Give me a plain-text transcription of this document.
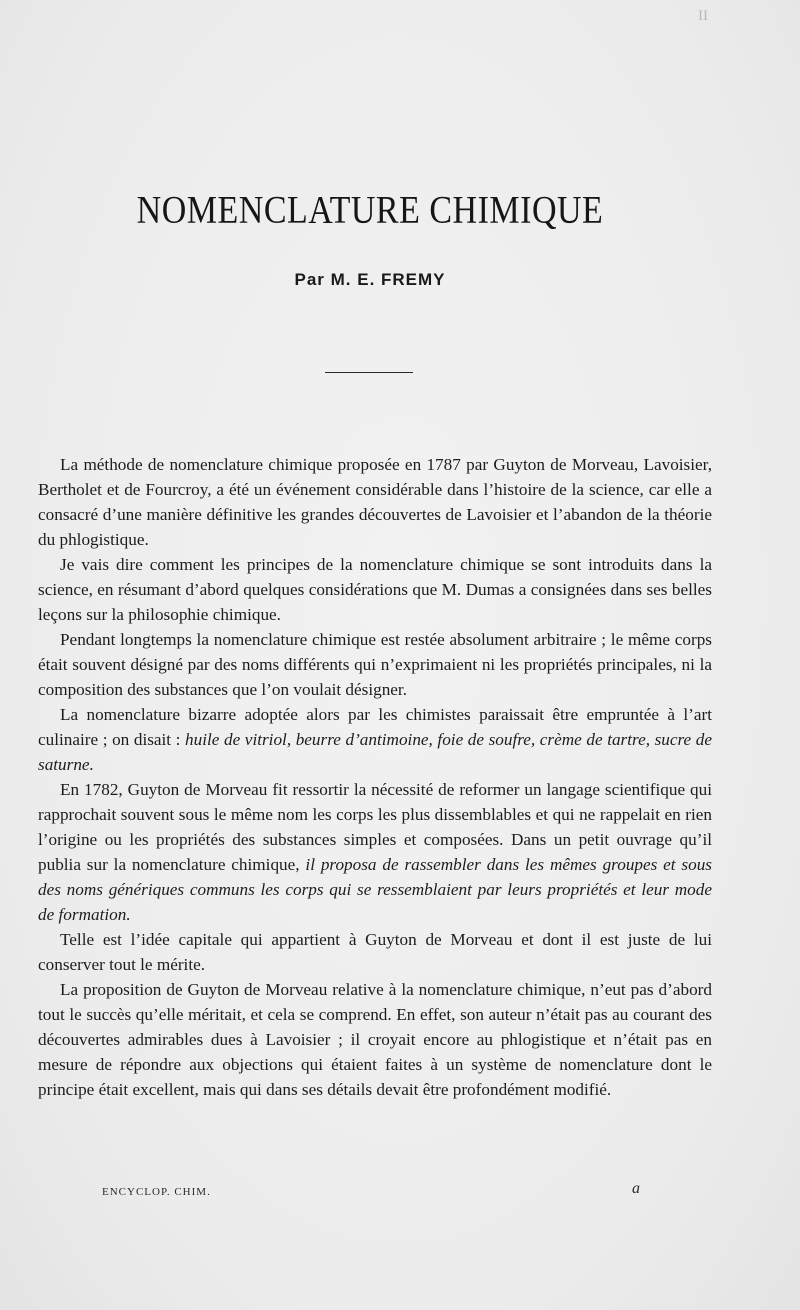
II
NOMENCLATURE CHIMIQUE
Par M. E. FREMY

La méthode de nomenclature chimique proposée en 1787 par Guyton de Morveau, Lavoisier, Bertholet et de Fourcroy, a été un événement considérable dans l’histoire de la science, car elle a consacré d’une manière définitive les grandes découvertes de Lavoisier et l’abandon de la théorie du phlogistique.

Je vais dire comment les principes de la nomenclature chimique se sont introduits dans la science, en résumant d’abord quelques considérations que M. Dumas a consignées dans ses belles leçons sur la philosophie chimique.

Pendant longtemps la nomenclature chimique est restée absolument arbitraire ; le même corps était souvent désigné par des noms différents qui n’exprimaient ni les propriétés principales, ni la composition des substances que l’on voulait désigner.

La nomenclature bizarre adoptée alors par les chimistes paraissait être empruntée à l’art culinaire ; on disait : huile de vitriol, beurre d’antimoine, foie de soufre, crème de tartre, sucre de saturne.

En 1782, Guyton de Morveau fit ressortir la nécessité de reformer un langage scientifique qui rapprochait souvent sous le même nom les corps les plus dissemblables et qui ne rappelait en rien l’origine ou les propriétés des substances simples et composées. Dans un petit ouvrage qu’il publia sur la nomenclature chimique, il proposa de rassembler dans les mêmes groupes et sous des noms génériques communs les corps qui se ressemblaient par leurs propriétés et leur mode de formation.

Telle est l’idée capitale qui appartient à Guyton de Morveau et dont il est juste de lui conserver tout le mérite.

La proposition de Guyton de Morveau relative à la nomenclature chimique, n’eut pas d’abord tout le succès qu’elle méritait, et cela se comprend. En effet, son auteur n’était pas au courant des découvertes admirables dues à Lavoisier ; il croyait encore au phlogistique et n’était pas en mesure de répondre aux objections qui étaient faites à un système de nomenclature dont le principe était excellent, mais qui dans ses détails devait être profondément modifié.

ENCYCLOP. CHIM.	a
